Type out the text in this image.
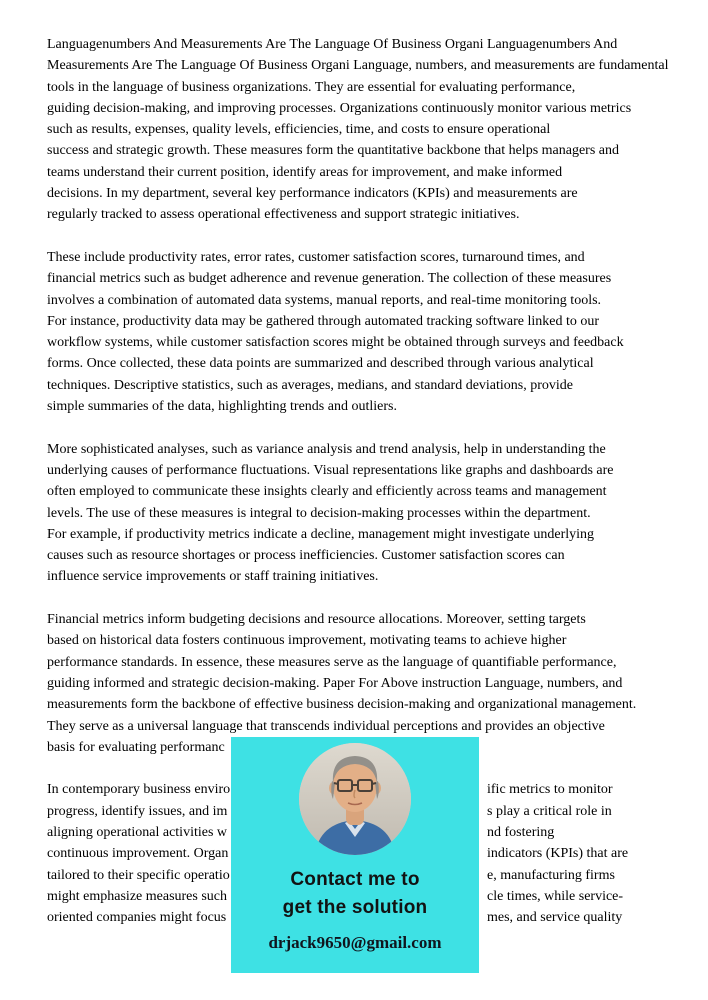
Languagenumbers And Measurements Are The Language Of Business Organi Languagenumbers And
Measurements Are The Language Of Business Organi Language, numbers, and measurements are fundamental
tools in the language of business organizations. They are essential for evaluating performance,
guiding decision-making, and improving processes. Organizations continuously monitor various metrics
such as results, expenses, quality levels, efficiencies, time, and costs to ensure operational
success and strategic growth. These measures form the quantitative backbone that helps managers and
teams understand their current position, identify areas for improvement, and make informed
decisions. In my department, several key performance indicators (KPIs) and measurements are
regularly tracked to assess operational effectiveness and support strategic initiatives.
These include productivity rates, error rates, customer satisfaction scores, turnaround times, and
financial metrics such as budget adherence and revenue generation. The collection of these measures
involves a combination of automated data systems, manual reports, and real-time monitoring tools.
For instance, productivity data may be gathered through automated tracking software linked to our
workflow systems, while customer satisfaction scores might be obtained through surveys and feedback
forms. Once collected, these data points are summarized and described through various analytical
techniques. Descriptive statistics, such as averages, medians, and standard deviations, provide
simple summaries of the data, highlighting trends and outliers.
More sophisticated analyses, such as variance analysis and trend analysis, help in understanding the
underlying causes of performance fluctuations. Visual representations like graphs and dashboards are
often employed to communicate these insights clearly and efficiently across teams and management
levels. The use of these measures is integral to decision-making processes within the department.
For example, if productivity metrics indicate a decline, management might investigate underlying
causes such as resource shortages or process inefficiencies. Customer satisfaction scores can
influence service improvements or staff training initiatives.
Financial metrics inform budgeting decisions and resource allocations. Moreover, setting targets
based on historical data fosters continuous improvement, motivating teams to achieve higher
performance standards. In essence, these measures serve as the language of quantifiable performance,
guiding informed and strategic decision-making. Paper For Above instruction Language, numbers, and
measurements form the backbone of effective business decision-making and organizational management.
They serve as a universal language that transcends individual perceptions and provides an objective
basis for evaluating performanc
In contemporary business enviro	ific metrics to monitor
progress, identify issues, and im	s play a critical role in
aligning operational activities w	nd fostering
continuous improvement. Organ	indicators (KPIs) that are
tailored to their specific operatio	e, manufacturing firms
might emphasize measures such	cle times, while service-
oriented companies might focus	mes, and service quality
Contact me to
get the solution
drjack9650@gmail.com
